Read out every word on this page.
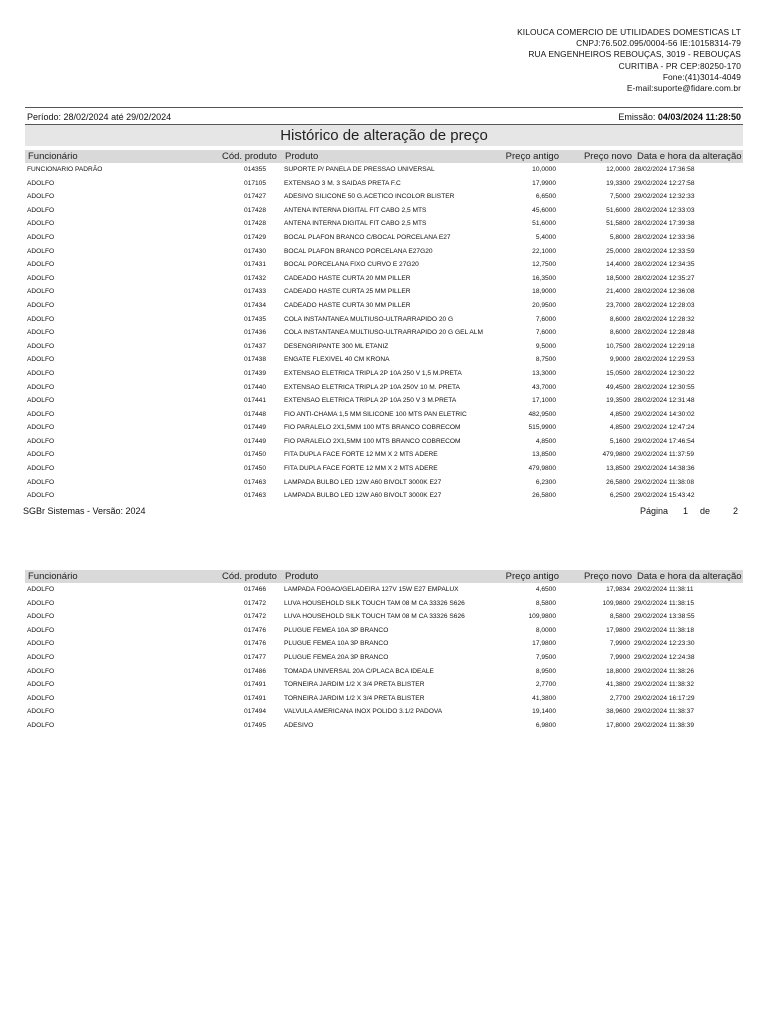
KILOUCA COMERCIO DE UTILIDADES DOMESTICAS LT
CNPJ:76.502.095/0004-56 IE:10158314-79
RUA ENGENHEIROS REBOUÇAS, 3019 - REBOUÇAS
CURITIBA - PR CEP:80250-170
Fone:(41)3014-4049
E-mail:suporte@fidare.com.br
Período: 28/02/2024 até 29/02/2024	Emissão: 04/03/2024 11:28:50
Histórico de alteração de preço
Funcionário	Cód. produto Produto	Preço antigo	Preço novo Data e hora da alteração
FUNCIONARIO PADRÃO	014355	SUPORTE P/ PANELA DE PRESSAO UNIVERSAL	10,0000	12,0000 28/02/2024 17:36:58
ADOLFO	017105	EXTENSAO 3 M. 3 SAIDAS PRETA F.C	17,9900	19,3300 29/02/2024 12:27:58
ADOLFO	017427	ADESIVO SILICONE 50 G.ACETICO INCOLOR BLISTER	6,6500	7,5000 29/02/2024 12:32:33
ADOLFO	017428	ANTENA INTERNA DIGITAL FIT CABO 2,5 MTS	45,6000	51,6000 28/02/2024 12:33:03
ADOLFO	017428	ANTENA INTERNA DIGITAL FIT CABO 2,5 MTS	51,6000	51,5800 28/02/2024 17:39:38
ADOLFO	017429	BOCAL PLAFON BRANCO C/BOCAL PORCELANA E27	5,4000	5,8000 28/02/2024 12:33:36
ADOLFO	017430	BOCAL PLAFON BRANCO PORCELANA E27G20	22,1000	25,0000 28/02/2024 12:33:59
ADOLFO	017431	BOCAL PORCELANA FIXO CURVO E 27G20	12,7500	14,4000 28/02/2024 12:34:35
ADOLFO	017432	CADEADO HASTE CURTA 20 MM PILLER	16,3500	18,5000 28/02/2024 12:35:27
ADOLFO	017433	CADEADO HASTE CURTA 25 MM PILLER	18,9000	21,4000 28/02/2024 12:36:08
ADOLFO	017434	CADEADO HASTE CURTA 30 MM PILLER	20,9500	23,7000 28/02/2024 12:28:03
ADOLFO	017435	COLA INSTANTANEA MULTIUSO-ULTRARRAPIDO 20 G	7,6000	8,6000 28/02/2024 12:28:32
ADOLFO	017436	COLA INSTANTANEA MULTIUSO-ULTRARRAPIDO 20 G GEL ALM	7,6000	8,6000 28/02/2024 12:28:48
ADOLFO	017437	DESENGRIPANTE 300 ML ETANIZ	9,5000	10,7500 28/02/2024 12:29:18
ADOLFO	017438	ENGATE FLEXIVEL 40 CM KRONA	8,7500	9,9000 28/02/2024 12:29:53
ADOLFO	017439	EXTENSAO ELETRICA TRIPLA 2P 10A 250 V 1,5 M.PRETA	13,3000	15,0500 28/02/2024 12:30:22
ADOLFO	017440	EXTENSAO ELETRICA TRIPLA 2P 10A 250V 10 M. PRETA	43,7000	49,4500 28/02/2024 12:30:55
ADOLFO	017441	EXTENSAO ELETRICA TRIPLA 2P 10A 250 V 3 M.PRETA	17,1000	19,3500 28/02/2024 12:31:48
ADOLFO	017448	FIO ANTI-CHAMA 1,5 MM SILICONE 100 MTS PAN ELETRIC	482,9500	4,8500 29/02/2024 14:30:02
ADOLFO	017449	FIO PARALELO 2X1,5MM 100 MTS BRANCO COBRECOM	515,9900	4,8500 29/02/2024 12:47:24
ADOLFO	017449	FIO PARALELO 2X1,5MM 100 MTS BRANCO COBRECOM	4,8500	5,1600 29/02/2024 17:46:54
ADOLFO	017450	FITA DUPLA FACE FORTE 12 MM X 2 MTS ADERE	13,8500	479,9800 29/02/2024 11:37:59
ADOLFO	017450	FITA DUPLA FACE FORTE 12 MM X 2 MTS ADERE	479,9800	13,8500 29/02/2024 14:38:36
ADOLFO	017463	LAMPADA BULBO LED 12W A60 BIVOLT 3000K E27	6,2300	26,5800 29/02/2024 11:38:08
ADOLFO	017463	LAMPADA BULBO LED 12W A60 BIVOLT 3000K E27	26,5800	6,2500 29/02/2024 15:43:42
SGBr Sistemas - Versão: 2024	Página 1 de	2
Funcionário	Cód. produto Produto	Preço antigo	Preço novo Data e hora da alteração
ADOLFO	017466	LAMPADA FOGAO/GELADEIRA 127V 15W E27 EMPALUX	4,6500	17,9834 29/02/2024 11:38:11
ADOLFO	017472	LUVA HOUSEHOLD SILK TOUCH TAM 08 M CA 33326 S626	8,5800	109,9800 29/02/2024 11:38:15
ADOLFO	017472	LUVA HOUSEHOLD SILK TOUCH TAM 08 M CA 33326 S626	109,9800	8,5800 29/02/2024 13:38:55
ADOLFO	017476	PLUGUE FEMEA 10A 3P BRANCO	8,0000	17,9800 29/02/2024 11:38:18
ADOLFO	017476	PLUGUE FEMEA 10A 3P BRANCO	17,9800	7,9900 29/02/2024 12:23:30
ADOLFO	017477	PLUGUE FEMEA 20A 3P BRANCO	7,9500	7,9900 29/02/2024 12:24:38
ADOLFO	017486	TOMADA UNIVERSAL 20A C/PLACA BCA IDEALE	8,9500	18,8000 29/02/2024 11:38:26
ADOLFO	017491	TORNEIRA JARDIM 1/2 X 3/4 PRETA BLISTER	2,7700	41,3800 29/02/2024 11:38:32
ADOLFO	017491	TORNEIRA JARDIM 1/2 X 3/4 PRETA BLISTER	41,3800	2,7700 29/02/2024 16:17:29
ADOLFO	017494	VALVULA AMERICANA INOX POLIDO 3.1/2 PADOVA	19,1400	38,9600 29/02/2024 11:38:37
ADOLFO	017495	ADESIVO	6,9800	17,8000 29/02/2024 11:38:39
